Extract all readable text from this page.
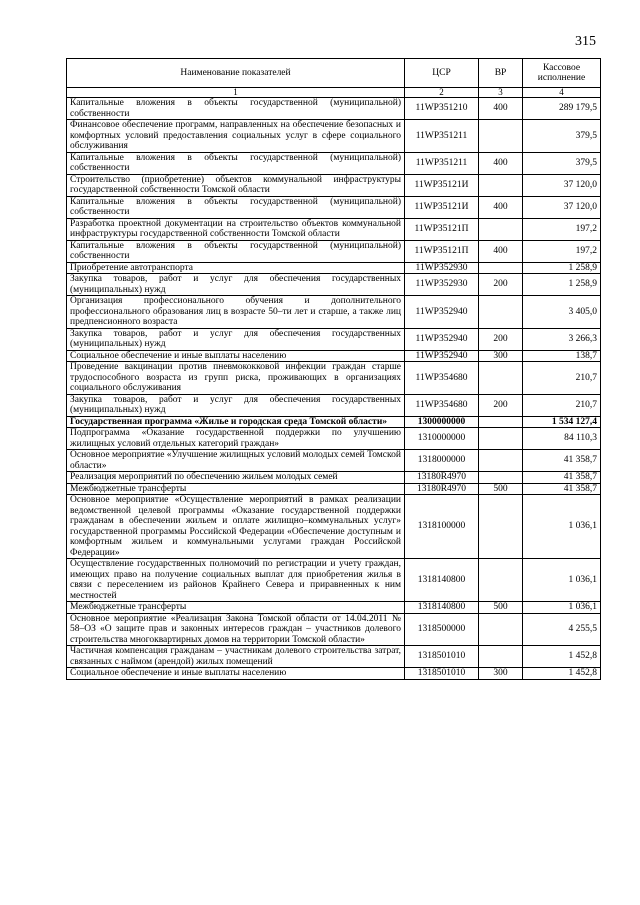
315
Наименование показателей	ЦСР	ВР	Кассовое исполнение
1	2	3	4
Капитальные вложения в объекты государственной (муниципальной) собственности	11WP351210	400	289 179,5
Финансовое обеспечение программ, направленных на обеспечение безопасных и комфортных условий предоставления социальных услуг в сфере социального обслуживания	11WP351211		379,5
Капитальные вложения в объекты государственной (муниципальной) собственности	11WP351211	400	379,5
Строительство (приобретение) объектов коммунальной инфраструктуры государственной собственности Томской области	11WP35121И		37 120,0
Капитальные вложения в объекты государственной (муниципальной) собственности	11WP35121И	400	37 120,0
Разработка проектной документации на строительство объектов коммунальной инфраструктуры государственной собственности Томской области	11WP35121П		197,2
Капитальные вложения в объекты государственной (муниципальной) собственности	11WP35121П	400	197,2
Приобретение автотранспорта	11WP352930		1 258,9
Закупка товаров, работ и услуг для обеспечения государственных (муниципальных) нужд	11WP352930	200	1 258,9
Организация профессионального обучения и дополнительного профессионального образования лиц в возрасте 50–ти лет и старше, а также лиц предпенсионного возраста	11WP352940		3 405,0
Закупка товаров, работ и услуг для обеспечения государственных (муниципальных) нужд	11WP352940	200	3 266,3
Социальное обеспечение и иные выплаты населению	11WP352940	300	138,7
Проведение вакцинации против пневмококковой инфекции граждан старше трудоспособного возраста из групп риска, проживающих в организациях социального обслуживания	11WP354680		210,7
Закупка товаров, работ и услуг для обеспечения государственных (муниципальных) нужд	11WP354680	200	210,7
Государственная программа «Жилье и городская среда Томской области»	1300000000		1 534 127,4
Подпрограмма «Оказание государственной поддержки по улучшению жилищных условий отдельных категорий граждан»	1310000000		84 110,3
Основное мероприятие «Улучшение жилищных условий молодых семей Томской области»	1318000000		41 358,7
Реализация мероприятий по обеспечению жильем молодых семей	13180R4970		41 358,7
Межбюджетные трансферты	13180R4970	500	41 358,7
Основное мероприятие «Осуществление мероприятий в рамках реализации ведомственной целевой программы «Оказание государственной поддержки гражданам в обеспечении жильем и оплате жилищно–коммунальных услуг» государственной программы Российской Федерации «Обеспечение доступным и комфортным жильем и коммунальными услугами граждан Российской Федерации»	1318100000		1 036,1
Осуществление государственных полномочий по регистрации и учету граждан, имеющих право на получение социальных выплат для приобретения жилья в связи с переселением из районов Крайнего Севера и приравненных к ним местностей	1318140800		1 036,1
Межбюджетные трансферты	1318140800	500	1 036,1
Основное мероприятие «Реализация Закона Томской области от 14.04.2011 № 58–ОЗ «О защите прав и законных интересов граждан – участников долевого строительства многоквартирных домов на территории Томской области»	1318500000		4 255,5
Частичная компенсация гражданам – участникам долевого строительства затрат, связанных с наймом (арендой) жилых помещений	1318501010		1 452,8
Социальное обеспечение и иные выплаты населению	1318501010	300	1 452,8
